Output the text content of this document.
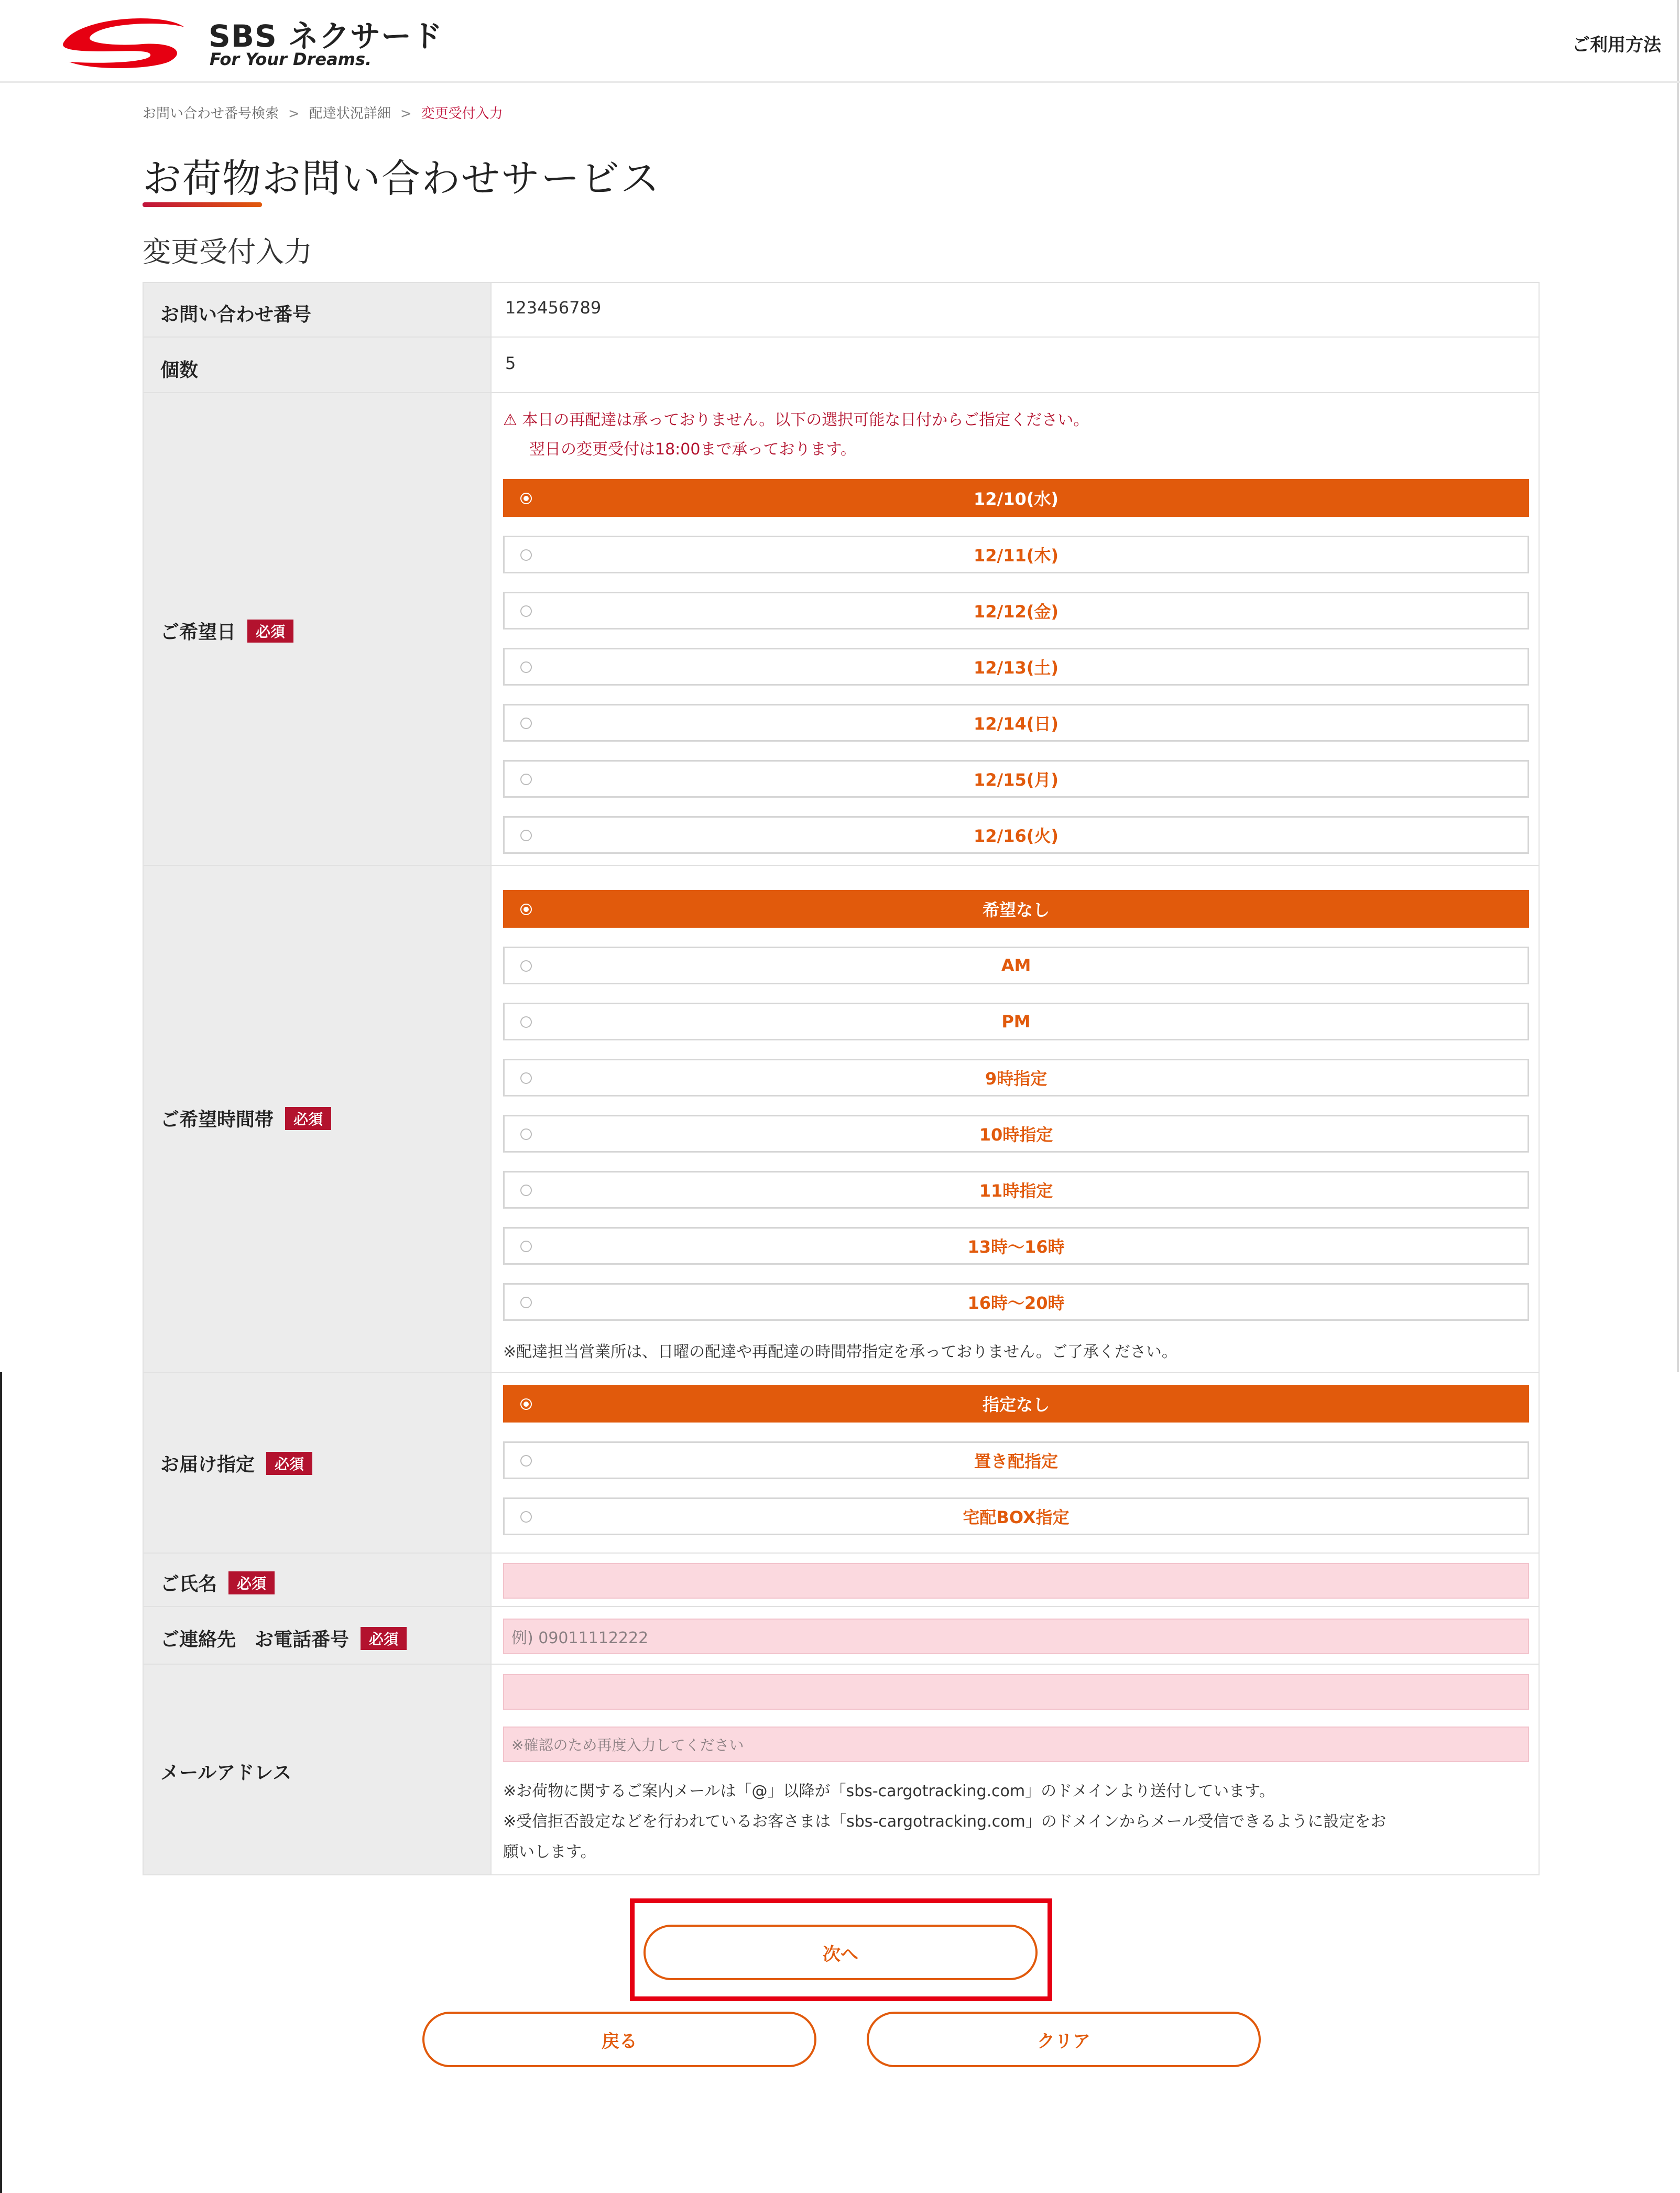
SBS ネクサード
For Your Dreams.
ご利用方法
お問い合わせ番号検索 > 配達状況詳細 > 変更受付入力
お荷物お問い合わせサービス
変更受付入力
お問い合わせ番号	123456789
個数	5
ご希望日	必須
⚠ 本日の再配達は承っておりません。以下の選択可能な日付からご指定ください。
翌日の変更受付は18:00まで承っております。
12/10(水)
12/11(木)
12/12(金)
12/13(土)
12/14(日)
12/15(月)
12/16(火)
ご希望時間帯	必須
希望なし
AM
PM
9時指定
10時指定
11時指定
13時～16時
16時～20時
※配達担当営業所は、日曜の配達や再配達の時間帯指定を承っておりません。ご了承ください。
お届け指定	必須
指定なし
置き配指定
宅配BOX指定
ご氏名	必須
ご連絡先　お電話番号	必須	例) 09011112222
メールアドレス
※確認のため再度入力してください
※お荷物に関するご案内メールは「@」以降が「sbs-cargotracking.com」のドメインより送付しています。
※受信拒否設定などを行われているお客さまは「sbs-cargotracking.com」のドメインからメール受信できるように設定をお
願いします。
次へ
戻る	クリア
